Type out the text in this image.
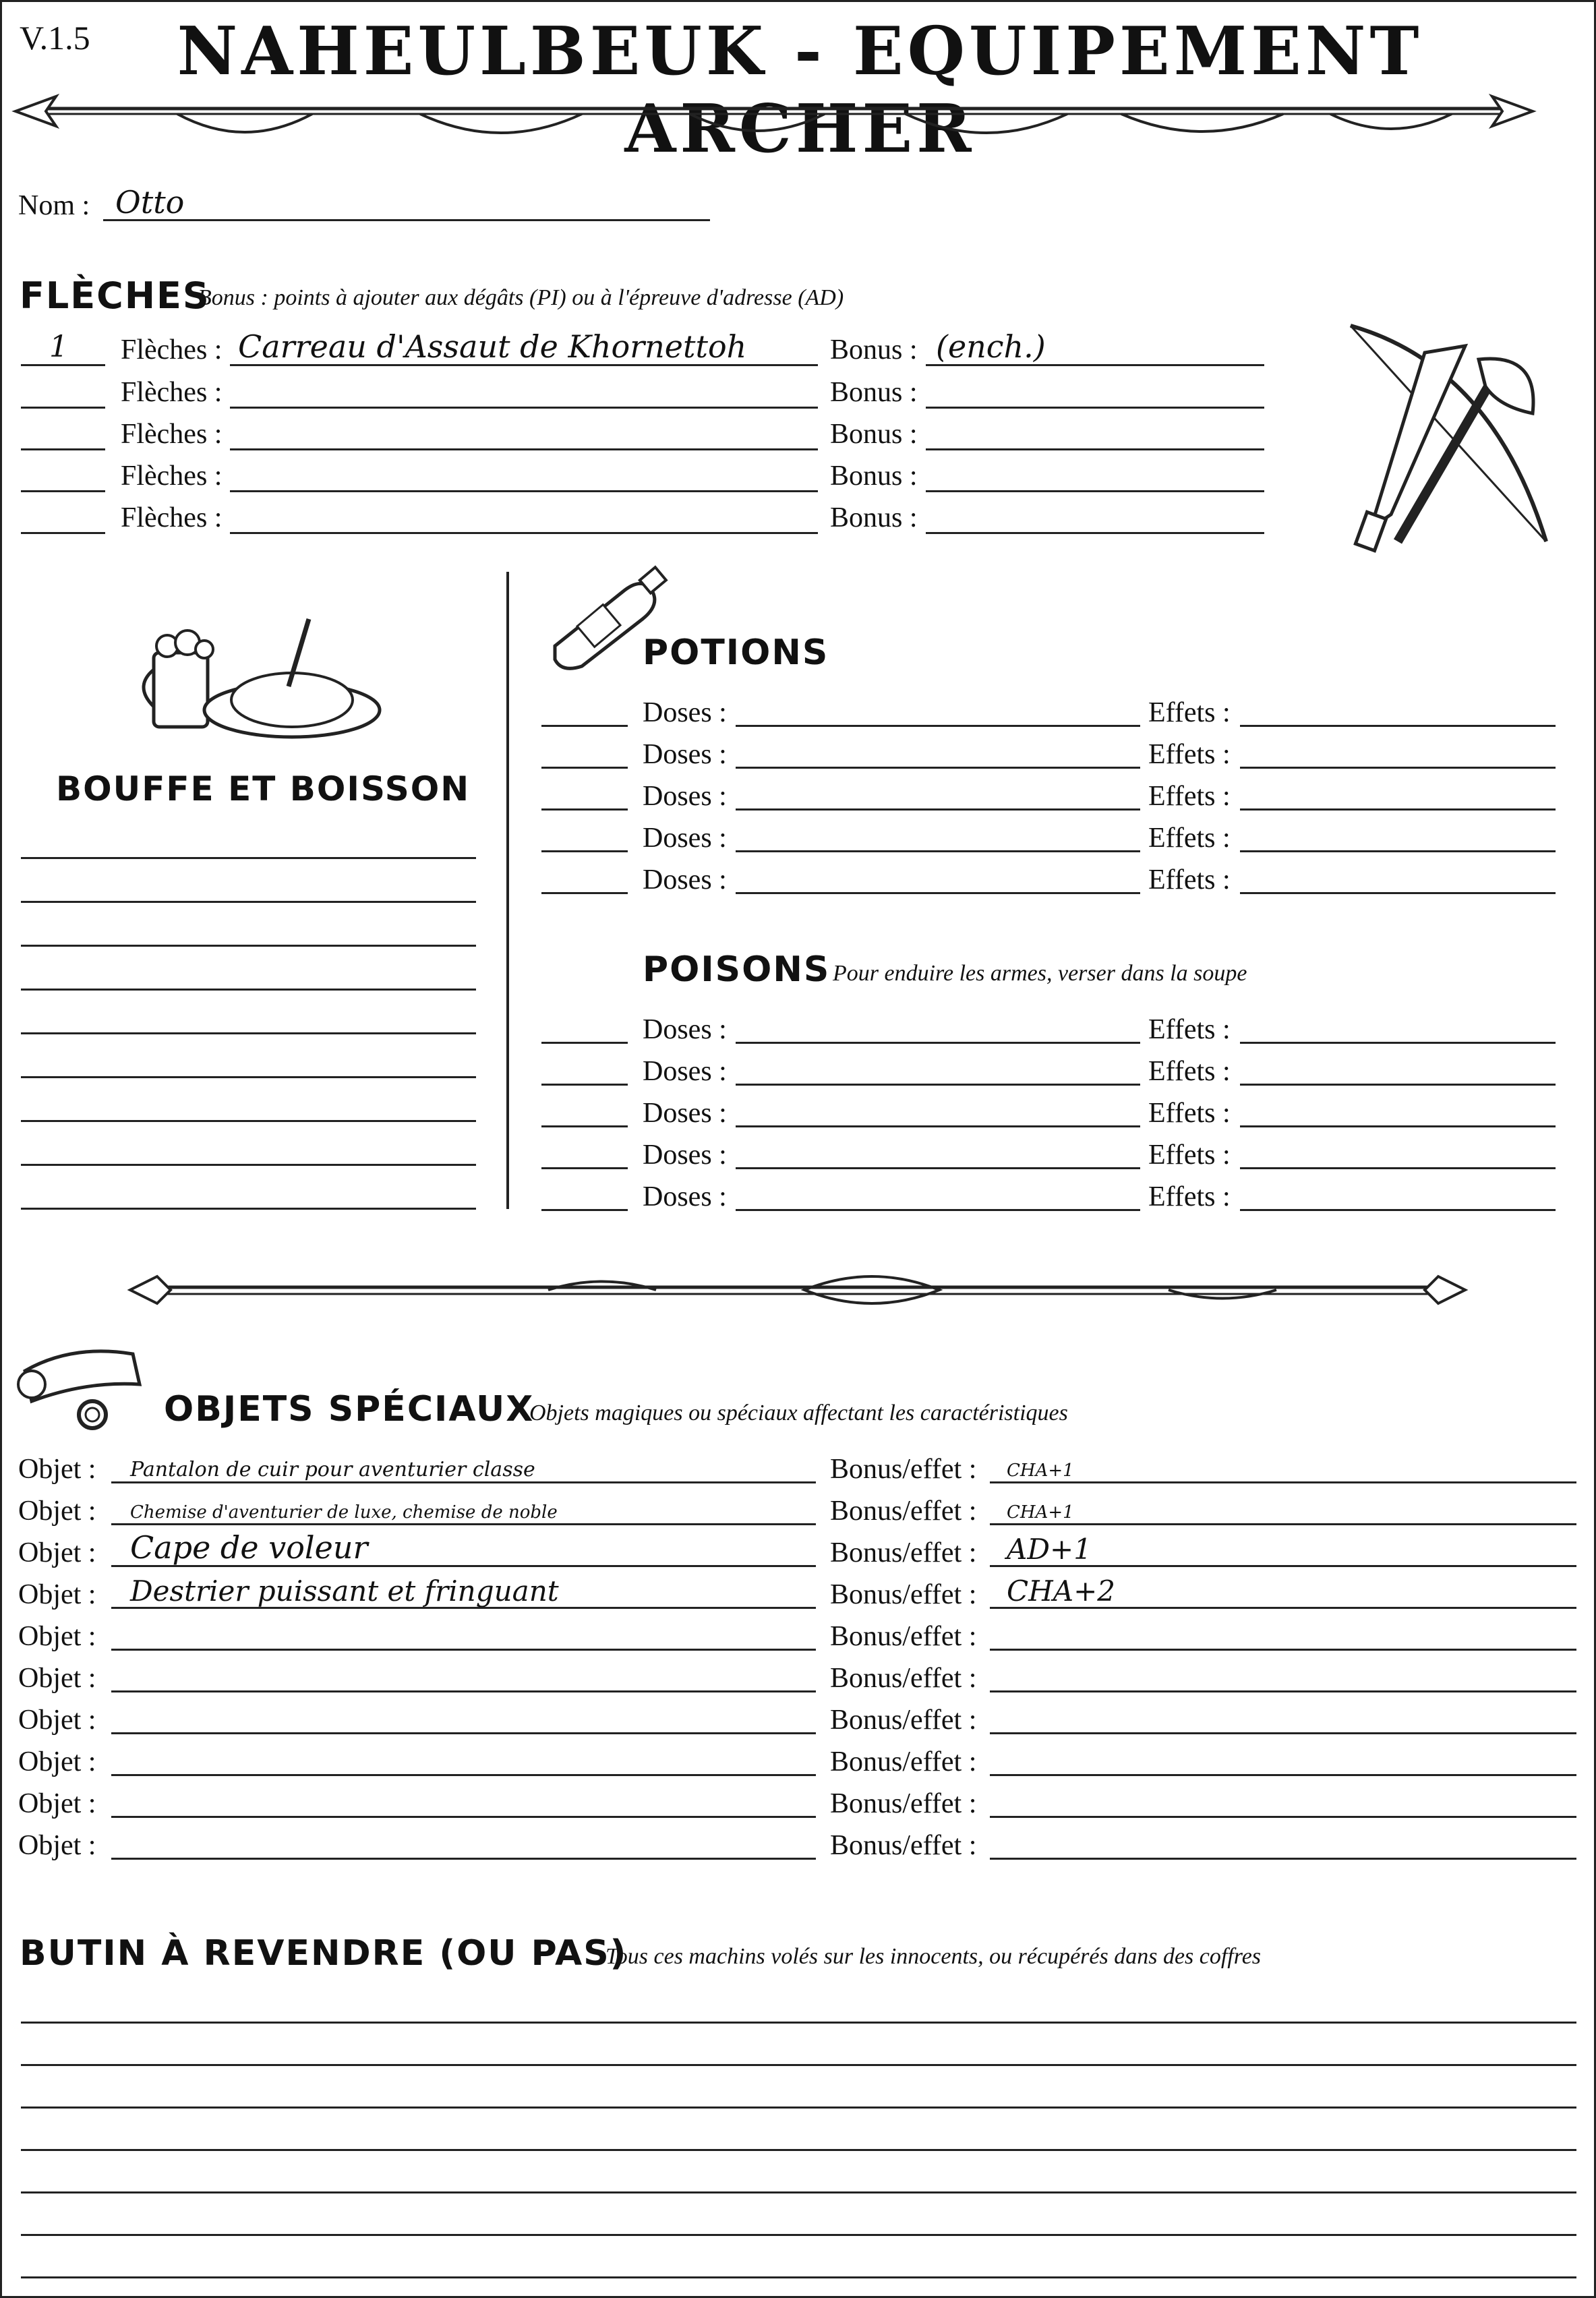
V.1.5	NAHEULBEUK - EQUIPEMENT ARCHER
Nom : Otto
FLÈCHES
Bonus : points à ajouter aux dégâts (PI) ou à l'épreuve d'adresse (AD)
1 Flèches : Carreau d'Assaut de Khornettoh	Bonus : (ench.)
Flèches :	Bonus :
Flèches :	Bonus :
Flèches :	Bonus :
Flèches :	Bonus :
BOUFFE ET BOISSON
POTIONS
Doses :	Effets :
Doses :	Effets :
Doses :	Effets :
Doses :	Effets :
Doses :	Effets :
POISONS Pour enduire les armes, verser dans la soupe
Doses :	Effets :
Doses :	Effets :
Doses :	Effets :
Doses :	Effets :
Doses :	Effets :
OBJETS SPÉCIAUX
Objets magiques ou spéciaux affectant les caractéristiques
Objet : Pantalon de cuir pour aventurier classe	Bonus/effet : CHA+1
Objet : Chemise d'aventurier de luxe, chemise de noble	Bonus/effet : CHA+1
Objet : Cape de voleur	Bonus/effet : AD+1
Objet : Destrier puissant et fringuant	Bonus/effet : CHA+2
Objet :	Bonus/effet :
Objet :	Bonus/effet :
Objet :	Bonus/effet :
Objet :	Bonus/effet :
Objet :	Bonus/effet :
Objet :	Bonus/effet :
BUTIN À REVENDRE (OU PAS)
Tous ces machins volés sur les innocents, ou récupérés dans des coffres
